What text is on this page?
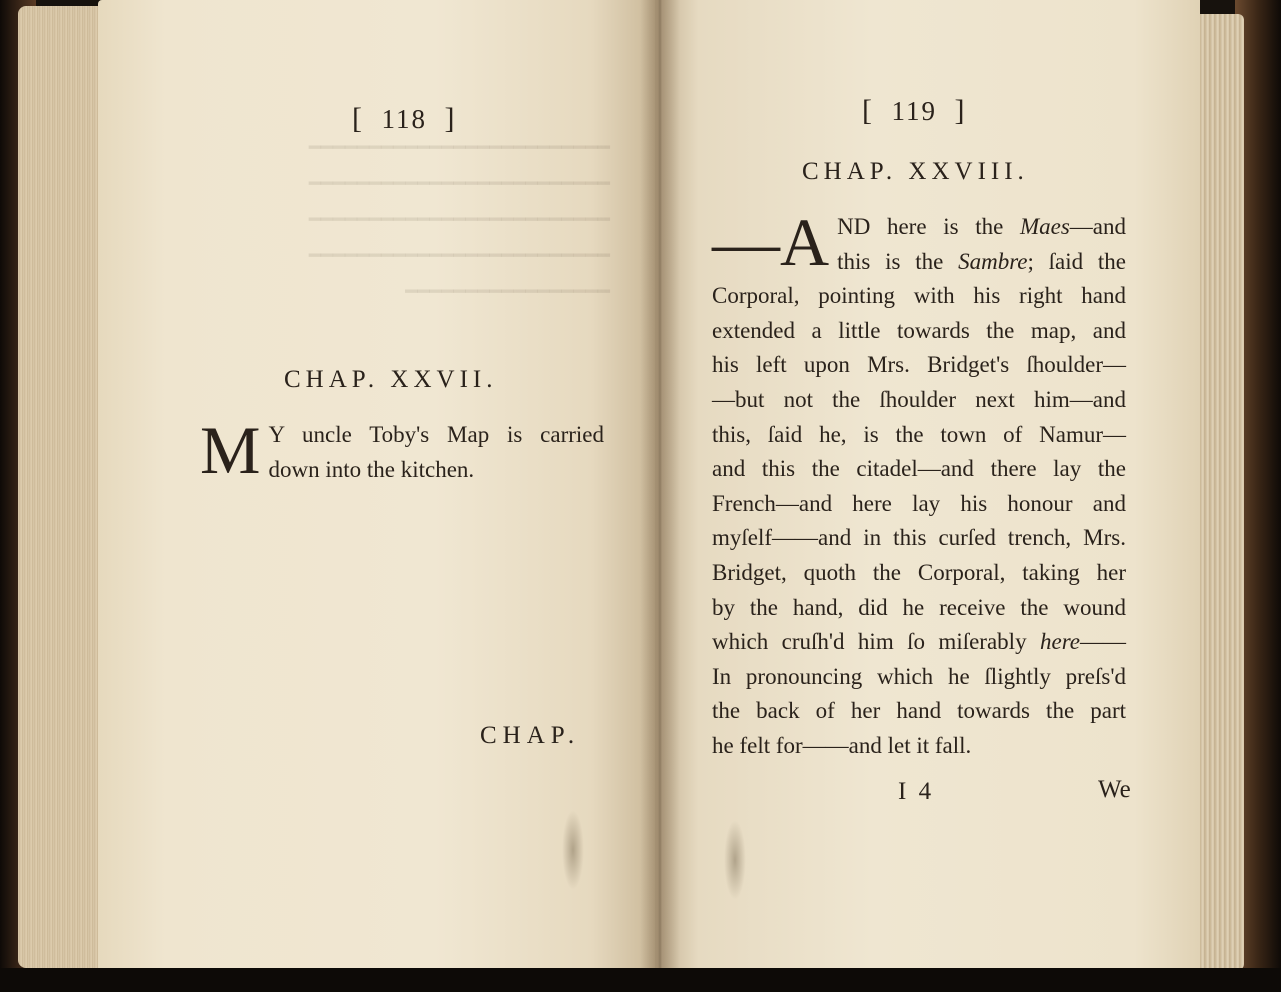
━━━━━━━━━━━━━━━━━━━━━━━━━
━━━━━━━━━━━━━━━━━━━━━━━━━
━━━━━━━━━━━━━━━━━━━━━━━━━
━━━━━━━━━━━━━━━━━━━━━━━━━
━━━━━━━━━━━━━━━━━
[ 118 ]
CHAP. XXVII.
M Y uncle Toby's Map is carried
down into the kitchen.
CHAP.
[ 119 ]
CHAP. XXVIII.
—A ND here is the Maes—and
this is the Sambre; ſaid the
Corporal, pointing with his right hand
extended a little towards the map, and
his left upon Mrs. Bridget's ſhoulder—
—but not the ſhoulder next him—and
this, ſaid he, is the town of Namur—
and this the citadel—and there lay the
French—and here lay his honour and
myſelf——and in this curſed trench, Mrs.
Bridget, quoth the Corporal, taking her
by the hand, did he receive the wound
which cruſh'd him ſo miſerably here——
In pronouncing which he ſlightly preſs'd
the back of her hand towards the part
he felt for——and let it fall.
I 4	We
